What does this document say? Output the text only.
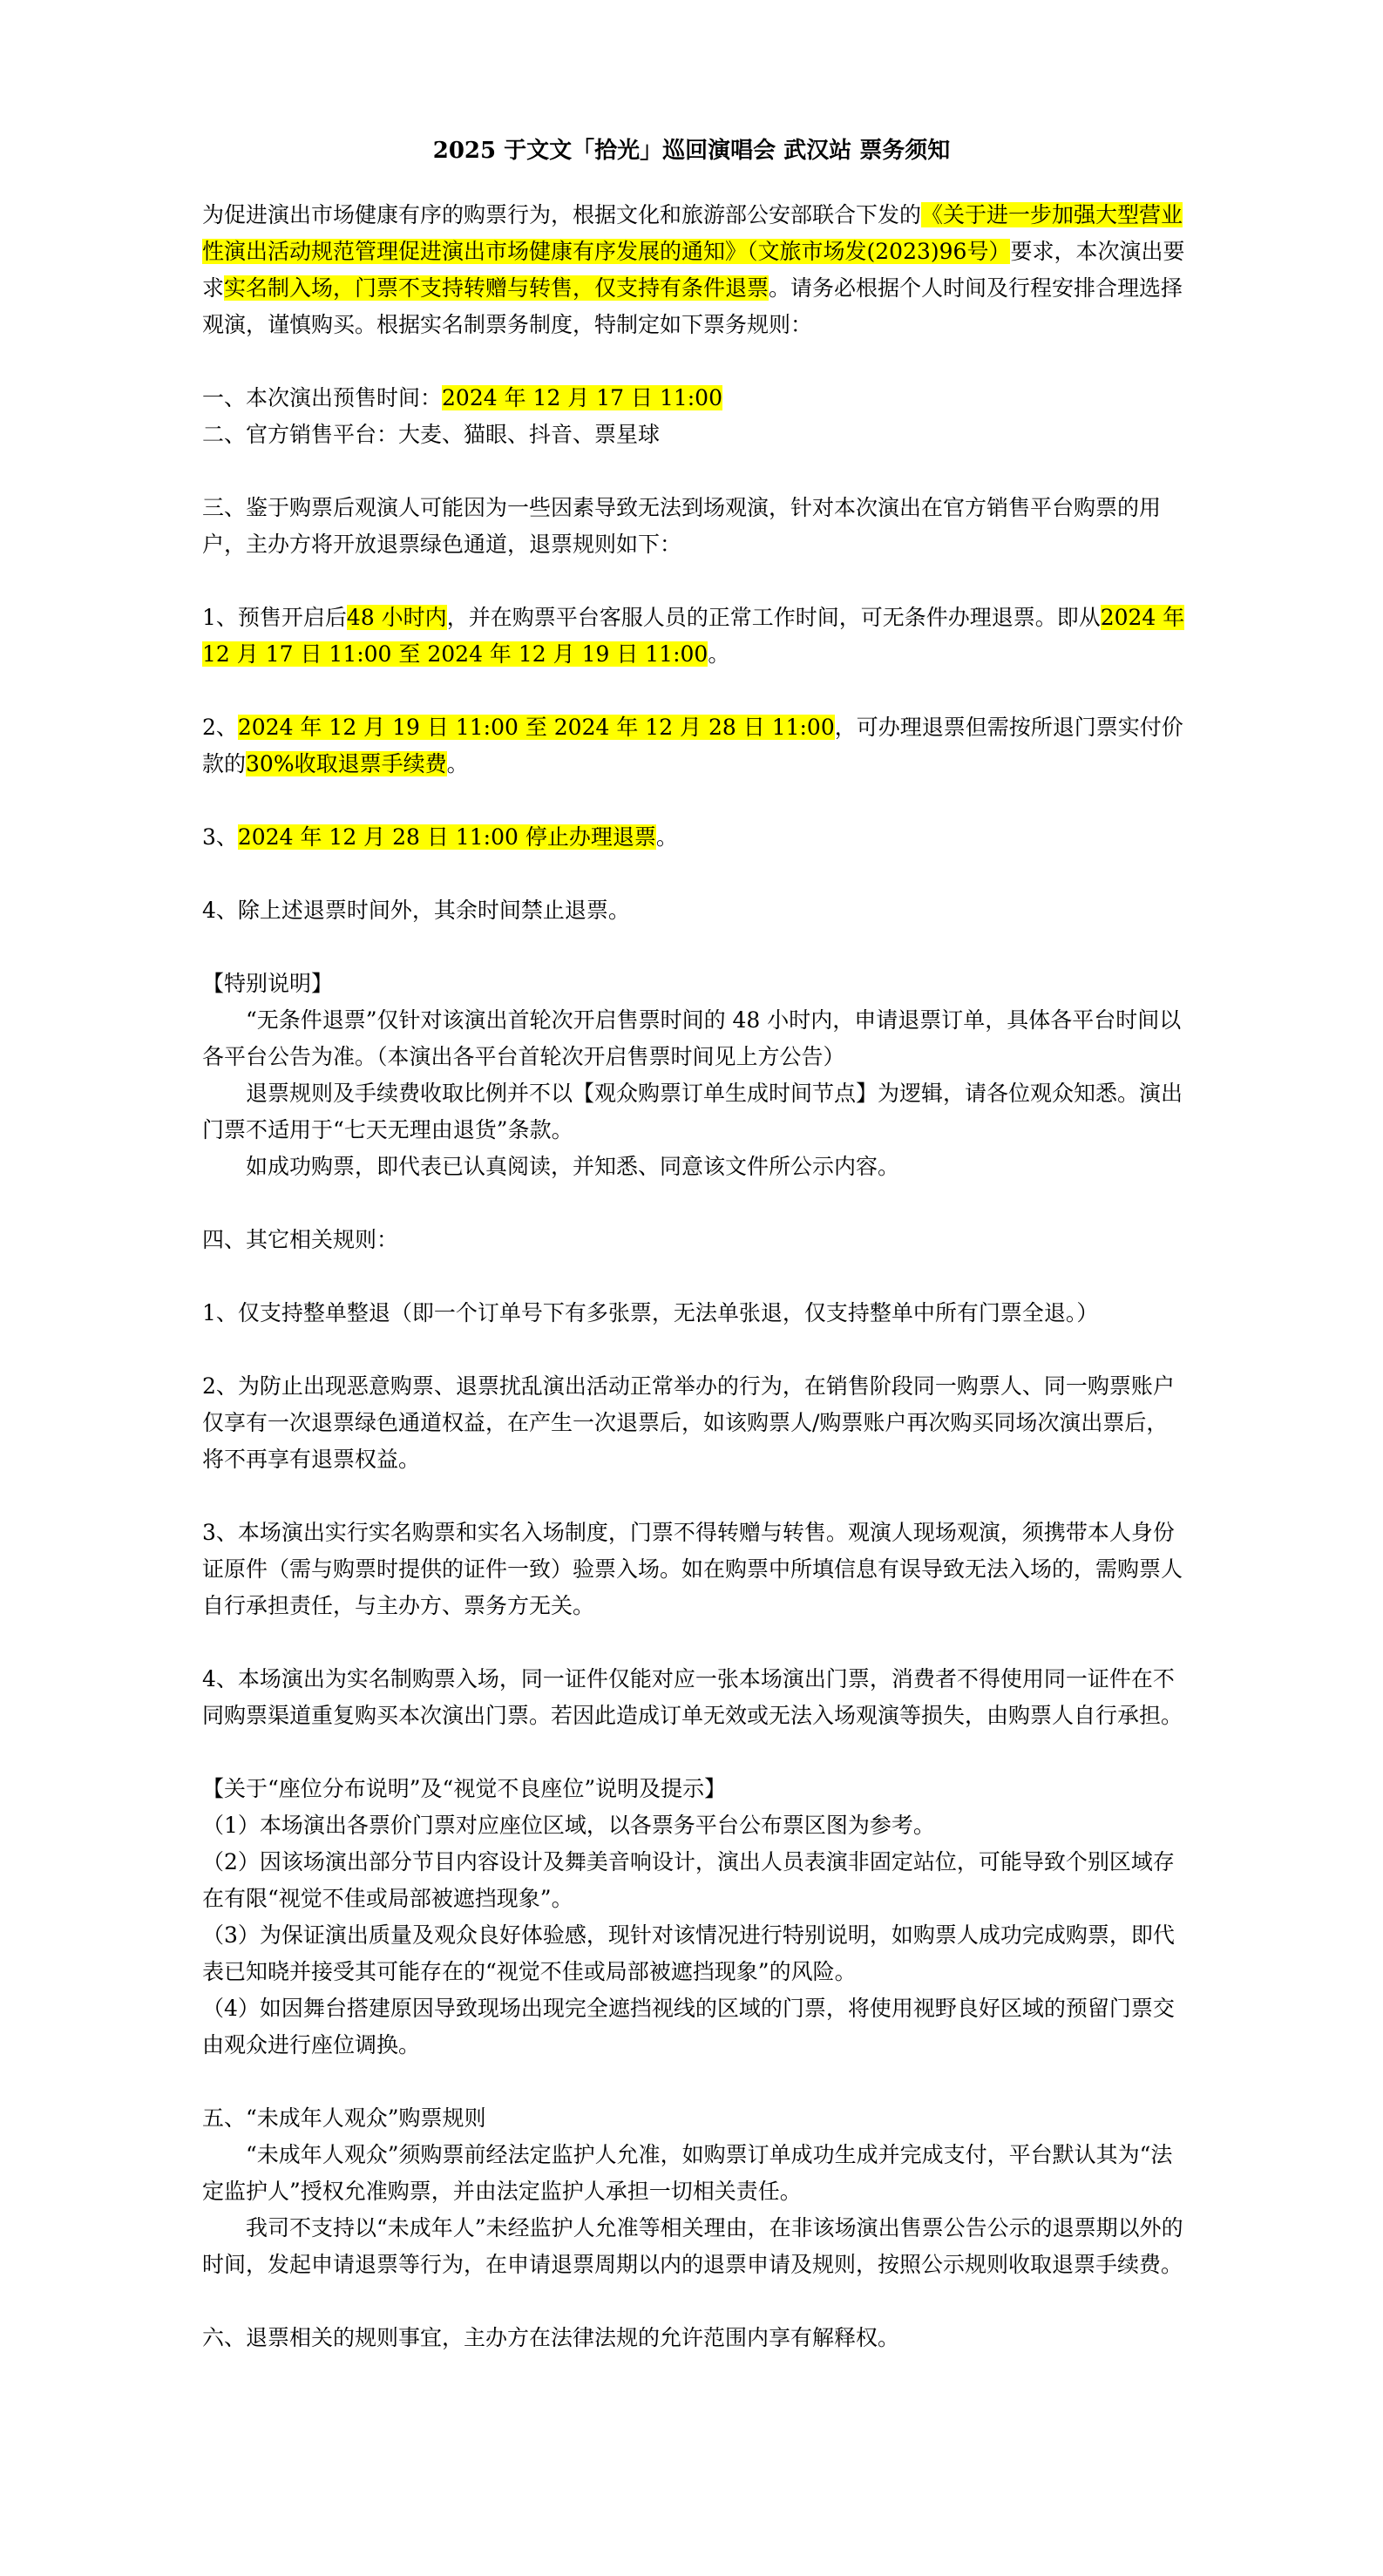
2025 于文文「拾光」巡回演唱会 武汉站 票务须知

为促进演出市场健康有序的购票行为，根据文化和旅游部公安部联合下发的《关于进一步加强大型营业性演出活动规范管理促进演出市场健康有序发展的通知》（文旅市场发(2023)96号）要求，本次演出要求实名制入场，门票不支持转赠与转售，仅支持有条件退票。请务必根据个人时间及行程安排合理选择观演，谨慎购买。根据实名制票务制度，特制定如下票务规则：

一、本次演出预售时间：2024 年 12 月 17 日 11:00

二、官方销售平台：大麦、猫眼、抖音、票星球

三、鉴于购票后观演人可能因为一些因素导致无法到场观演，针对本次演出在官方销售平台购票的用户，主办方将开放退票绿色通道，退票规则如下：

1、预售开启后48 小时内，并在购票平台客服人员的正常工作时间，可无条件办理退票。即从2024 年 12 月 17 日 11:00 至 2024 年 12 月 19 日 11:00。

2、2024 年 12 月 19 日 11:00 至 2024 年 12 月 28 日 11:00，可办理退票但需按所退门票实付价款的30%收取退票手续费。

3、2024 年 12 月 28 日 11:00 停止办理退票。

4、除上述退票时间外，其余时间禁止退票。

【特别说明】

“无条件退票”仅针对该演出首轮次开启售票时间的 48 小时内，申请退票订单，具体各平台时间以各平台公告为准。（本演出各平台首轮次开启售票时间见上方公告）

退票规则及手续费收取比例并不以【观众购票订单生成时间节点】为逻辑，请各位观众知悉。演出门票不适用于“七天无理由退货”条款。

如成功购票，即代表已认真阅读，并知悉、同意该文件所公示内容。

四、其它相关规则：

1、仅支持整单整退（即一个订单号下有多张票，无法单张退，仅支持整单中所有门票全退。）

2、为防止出现恶意购票、退票扰乱演出活动正常举办的行为，在销售阶段同一购票人、同一购票账户仅享有一次退票绿色通道权益，在产生一次退票后，如该购票人/购票账户再次购买同场次演出票后，将不再享有退票权益。

3、本场演出实行实名购票和实名入场制度，门票不得转赠与转售。观演人现场观演，须携带本人身份证原件（需与购票时提供的证件一致）验票入场。如在购票中所填信息有误导致无法入场的，需购票人自行承担责任，与主办方、票务方无关。

4、本场演出为实名制购票入场，同一证件仅能对应一张本场演出门票，消费者不得使用同一证件在不同购票渠道重复购买本次演出门票。若因此造成订单无效或无法入场观演等损失，由购票人自行承担。

【关于“座位分布说明”及“视觉不良座位”说明及提示】

（1）本场演出各票价门票对应座位区域，以各票务平台公布票区图为参考。

（2）因该场演出部分节目内容设计及舞美音响设计，演出人员表演非固定站位，可能导致个别区域存在有限“视觉不佳或局部被遮挡现象”。

（3）为保证演出质量及观众良好体验感，现针对该情况进行特别说明，如购票人成功完成购票，即代表已知晓并接受其可能存在的“视觉不佳或局部被遮挡现象”的风险。

（4）如因舞台搭建原因导致现场出现完全遮挡视线的区域的门票，将使用视野良好区域的预留门票交由观众进行座位调换。

五、“未成年人观众”购票规则

“未成年人观众”须购票前经法定监护人允准，如购票订单成功生成并完成支付，平台默认其为“法定监护人”授权允准购票，并由法定监护人承担一切相关责任。

我司不支持以“未成年人”未经监护人允准等相关理由，在非该场演出售票公告公示的退票期以外的时间，发起申请退票等行为，在申请退票周期以内的退票申请及规则，按照公示规则收取退票手续费。

六、退票相关的规则事宜，主办方在法律法规的允许范围内享有解释权。
